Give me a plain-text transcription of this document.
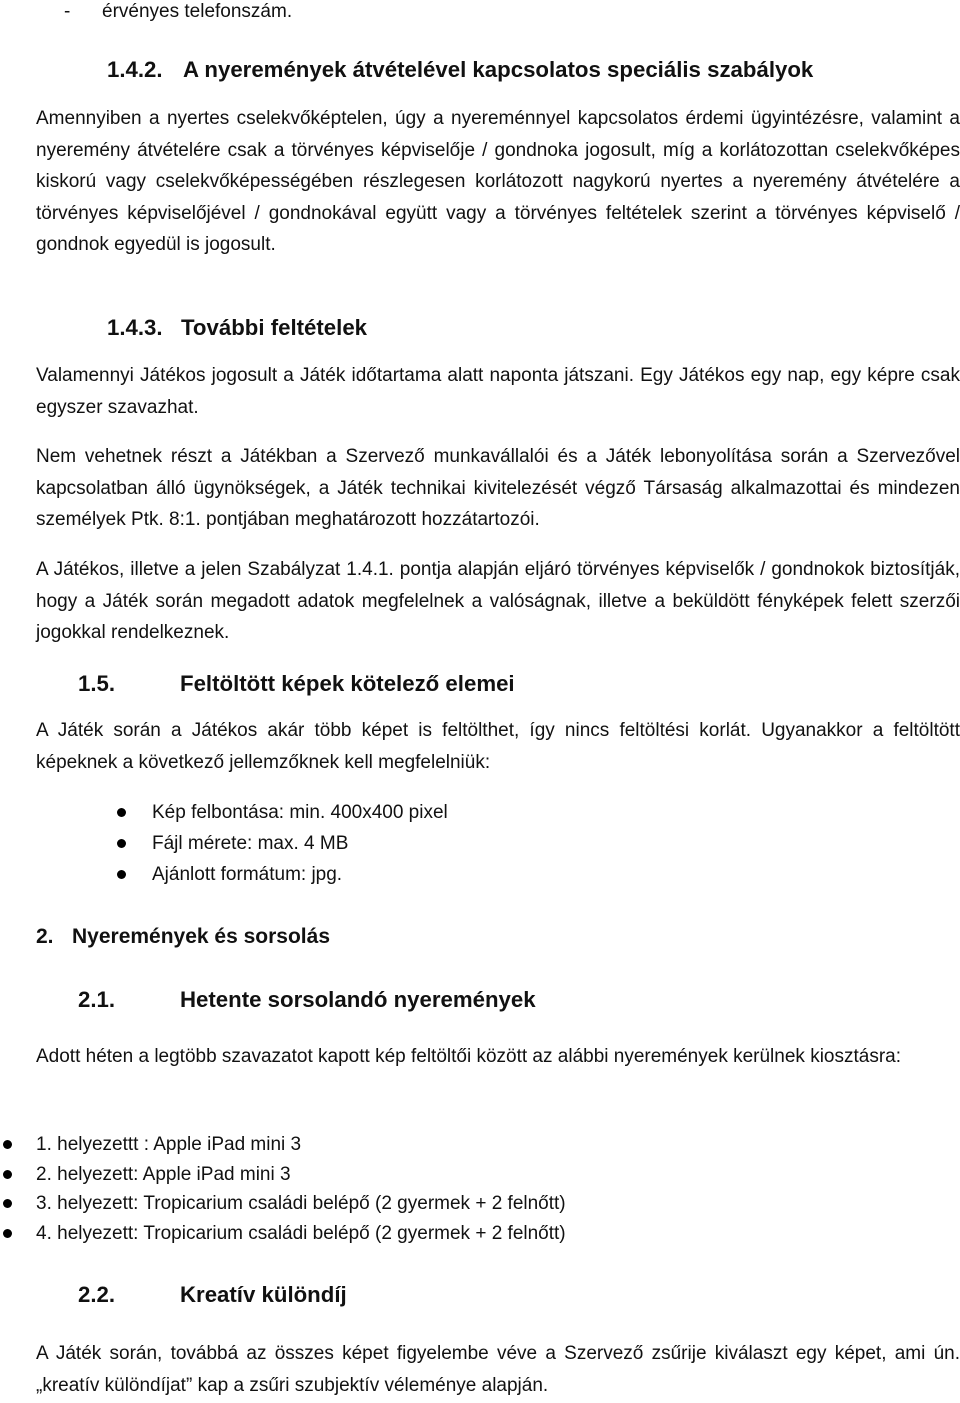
- érvényes telefonszám.
1.4.2. A nyeremények átvételével kapcsolatos speciális szabályok

Amennyiben a nyertes cselekvőképtelen, úgy a nyereménnyel kapcsolatos érdemi ügyintézésre, valamint a nyeremény átvételére csak a törvényes képviselője / gondnoka jogosult, míg a korlátozottan cselekvőképes kiskorú vagy cselekvőképességében részlegesen korlátozott nagykorú nyertes a nyeremény átvételére a törvényes képviselőjével / gondnokával együtt vagy a törvényes feltételek szerint a törvényes képviselő / gondnok egyedül is jogosult.

1.4.3. További feltételek

Valamennyi Játékos jogosult a Játék időtartama alatt naponta játszani. Egy Játékos egy nap, egy képre csak egyszer szavazhat.

Nem vehetnek részt a Játékban a Szervező munkavállalói és a Játék lebonyolítása során a Szervezővel kapcsolatban álló ügynökségek, a Játék technikai kivitelezését végző Társaság alkalmazottai és mindezen személyek Ptk. 8:1. pontjában meghatározott hozzátartozói.

A Játékos, illetve a jelen Szabályzat 1.4.1. pontja alapján eljáró törvényes képviselők / gondnokok biztosítják, hogy a Játék során megadott adatok megfelelnek a valóságnak, illetve a beküldött fényképek felett szerzői jogokkal rendelkeznek.

1.5.	Feltöltött képek kötelező elemei

A Játék során a Játékos akár több képet is feltölthet, így nincs feltöltési korlát. Ugyanakkor a feltöltött képeknek a következő jellemzőknek kell megfelelniük:

Kép felbontása: min. 400x400 pixel
Fájl mérete: max. 4 MB
Ajánlott formátum: jpg.
2. Nyeremények és sorsolás
2.1.	Hetente sorsolandó nyeremények

Adott héten a legtöbb szavazatot kapott kép feltöltői között az alábbi nyeremények kerülnek kiosztásra:

1. helyezettt : Apple iPad mini 3
2. helyezett: Apple iPad mini 3
3. helyezett: Tropicarium családi belépő (2 gyermek + 2 felnőtt)
4. helyezett: Tropicarium családi belépő (2 gyermek + 2 felnőtt)
2.2.	Kreatív különdíj

A Játék során, továbbá az összes képet figyelembe véve a Szervező zsűrije kiválaszt egy képet, ami ún. „kreatív különdíjat” kap a zsűri szubjektív véleménye alapján.
